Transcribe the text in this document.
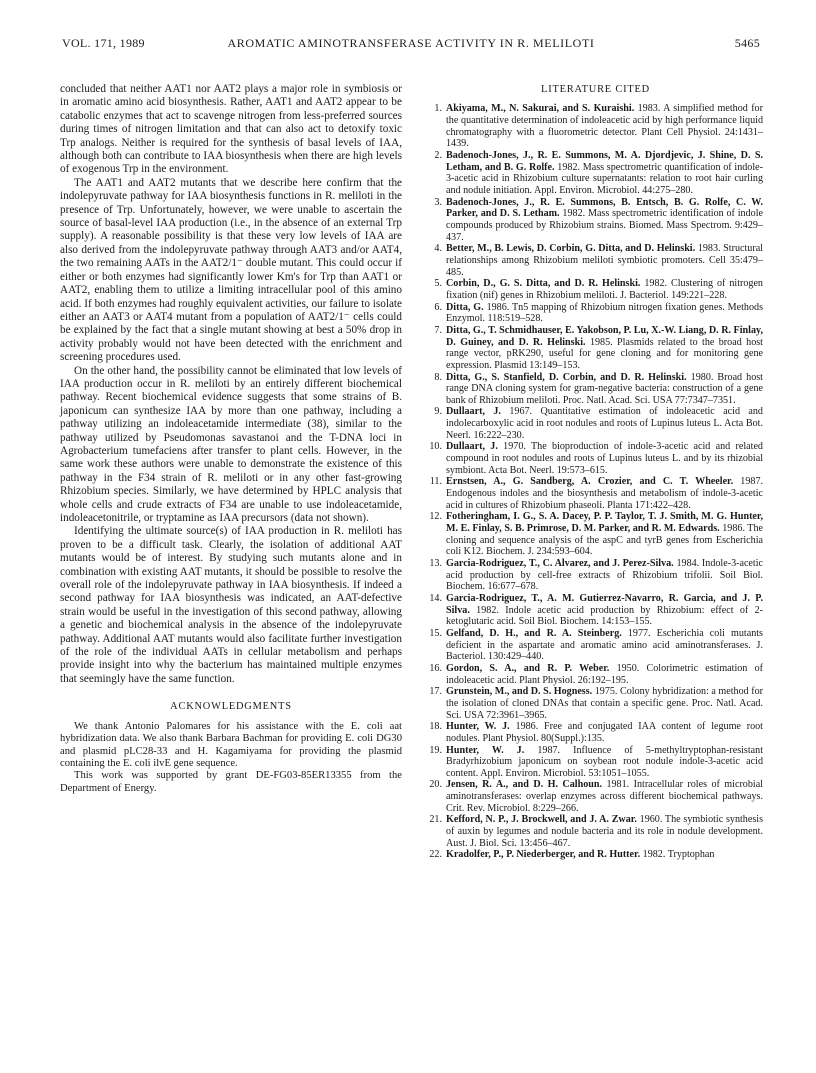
VOL. 171, 1989	AROMATIC AMINOTRANSFERASE ACTIVITY IN R. MELILOTI	5465

concluded that neither AAT1 nor AAT2 plays a major role in symbiosis or in aromatic amino acid biosynthesis. Rather, AAT1 and AAT2 appear to be catabolic enzymes that act to scavenge nitrogen from less-preferred sources during times of nitrogen limitation and that can also act to detoxify toxic Trp analogs. Neither is required for the synthesis of basal levels of IAA, although both can contribute to IAA biosynthesis when there are high levels of exogenous Trp in the environment.

The AAT1 and AAT2 mutants that we describe here confirm that the indolepyruvate pathway for IAA biosynthesis functions in R. meliloti in the presence of Trp. Unfortunately, however, we were unable to ascertain the source of basal-level IAA production (i.e., in the absence of an external Trp supply). A reasonable possibility is that these very low levels of IAA are also derived from the indolepyruvate pathway through AAT3 and/or AAT4, the two remaining AATs in the AAT2/1⁻ double mutant. This could occur if either or both enzymes had significantly lower Km's for Trp than AAT1 or AAT2, enabling them to utilize a limiting intracellular pool of this amino acid. If both enzymes had roughly equivalent activities, our failure to isolate either an AAT3 or AAT4 mutant from a population of AAT2/1⁻ cells could be explained by the fact that a single mutant showing at best a 50% drop in activity probably would not have been detected with the enrichment and screening procedures used.

On the other hand, the possibility cannot be eliminated that low levels of IAA production occur in R. meliloti by an entirely different biochemical pathway. Recent biochemical evidence suggests that some strains of B. japonicum can synthesize IAA by more than one pathway, including a pathway utilizing an indoleacetamide intermediate (38), similar to the pathway utilized by Pseudomonas savastanoi and the T-DNA loci in Agrobacterium tumefaciens after transfer to plant cells. However, in the same work these authors were unable to demonstrate the existence of this pathway in the F34 strain of R. meliloti or in any other fast-growing Rhizobium species. Similarly, we have determined by HPLC analysis that whole cells and crude extracts of F34 are unable to use indoleacetamide, indoleacetonitrile, or tryptamine as IAA precursors (data not shown).

Identifying the ultimate source(s) of IAA production in R. meliloti has proven to be a difficult task. Clearly, the isolation of additional AAT mutants would be of interest. By studying such mutants alone and in combination with existing AAT mutants, it should be possible to resolve the overall role of the indolepyruvate pathway in IAA biosynthesis. If indeed a second pathway for IAA biosynthesis was indicated, an AAT-defective strain would be useful in the investigation of this second pathway, allowing a genetic and biochemical analysis in the absence of the indolepyruvate pathway. Additional AAT mutants would also facilitate further investigation of the role of the individual AATs in cellular metabolism and perhaps provide insight into why the bacterium has maintained multiple enzymes that seemingly have the same function.

ACKNOWLEDGMENTS

We thank Antonio Palomares for his assistance with the E. coli aat hybridization data. We also thank Barbara Bachman for providing E. coli DG30 and plasmid pLC28-33 and H. Kagamiyama for providing the plasmid containing the E. coli ilvE gene sequence.

This work was supported by grant DE-FG03-85ER13355 from the Department of Energy.

LITERATURE CITED
1. Akiyama, M., N. Sakurai, and S. Kuraishi. 1983. A simplified method for the quantitative determination of indoleacetic acid by high performance liquid chromatography with a fluorometric detector. Plant Cell Physiol. 24:1431–1439.
2. Badenoch-Jones, J., R. E. Summons, M. A. Djordjevic, J. Shine, D. S. Letham, and B. G. Rolfe. 1982. Mass spectrometric quantification of indole-3-acetic acid in Rhizobium culture supernatants: relation to root hair curling and nodule initiation. Appl. Environ. Microbiol. 44:275–280.
3. Badenoch-Jones, J., R. E. Summons, B. Entsch, B. G. Rolfe, C. W. Parker, and D. S. Letham. 1982. Mass spectrometric identification of indole compounds produced by Rhizobium strains. Biomed. Mass Spectrom. 9:429–437.
4. Better, M., B. Lewis, D. Corbin, G. Ditta, and D. Helinski. 1983. Structural relationships among Rhizobium meliloti symbiotic promoters. Cell 35:479–485.
5. Corbin, D., G. S. Ditta, and D. R. Helinski. 1982. Clustering of nitrogen fixation (nif) genes in Rhizobium meliloti. J. Bacteriol. 149:221–228.
6. Ditta, G. 1986. Tn5 mapping of Rhizobium nitrogen fixation genes. Methods Enzymol. 118:519–528.
7. Ditta, G., T. Schmidhauser, E. Yakobson, P. Lu, X.-W. Liang, D. R. Finlay, D. Guiney, and D. R. Helinski. 1985. Plasmids related to the broad host range vector, pRK290, useful for gene cloning and for monitoring gene expression. Plasmid 13:149–153.
8. Ditta, G., S. Stanfield, D. Corbin, and D. R. Helinski. 1980. Broad host range DNA cloning system for gram-negative bacteria: construction of a gene bank of Rhizobium meliloti. Proc. Natl. Acad. Sci. USA 77:7347–7351.
9. Dullaart, J. 1967. Quantitative estimation of indoleacetic acid and indolecarboxylic acid in root nodules and roots of Lupinus luteus L. Acta Bot. Neerl. 16:222–230.
10. Dullaart, J. 1970. The bioproduction of indole-3-acetic acid and related compound in root nodules and roots of Lupinus luteus L. and by its rhizobial symbiont. Acta Bot. Neerl. 19:573–615.
11. Ernstsen, A., G. Sandberg, A. Crozier, and C. T. Wheeler. 1987. Endogenous indoles and the biosynthesis and metabolism of indole-3-acetic acid in cultures of Rhizobium phaseoli. Planta 171:422–428.
12. Fotheringham, I. G., S. A. Dacey, P. P. Taylor, T. J. Smith, M. G. Hunter, M. E. Finlay, S. B. Primrose, D. M. Parker, and R. M. Edwards. 1986. The cloning and sequence analysis of the aspC and tyrB genes from Escherichia coli K12. Biochem. J. 234:593–604.
13. Garcia-Rodriguez, T., C. Alvarez, and J. Perez-Silva. 1984. Indole-3-acetic acid production by cell-free extracts of Rhizobium trifolii. Soil Biol. Biochem. 16:677–678.
14. Garcia-Rodriguez, T., A. M. Gutierrez-Navarro, R. Garcia, and J. P. Silva. 1982. Indole acetic acid production by Rhizobium: effect of 2-ketoglutaric acid. Soil Biol. Biochem. 14:153–155.
15. Gelfand, D. H., and R. A. Steinberg. 1977. Escherichia coli mutants deficient in the aspartate and aromatic amino acid aminotransferases. J. Bacteriol. 130:429–440.
16. Gordon, S. A., and R. P. Weber. 1950. Colorimetric estimation of indoleacetic acid. Plant Physiol. 26:192–195.
17. Grunstein, M., and D. S. Hogness. 1975. Colony hybridization: a method for the isolation of cloned DNAs that contain a specific gene. Proc. Natl. Acad. Sci. USA 72:3961–3965.
18. Hunter, W. J. 1986. Free and conjugated IAA content of legume root nodules. Plant Physiol. 80(Suppl.):135.
19. Hunter, W. J. 1987. Influence of 5-methyltryptophan-resistant Bradyrhizobium japonicum on soybean root nodule indole-3-acetic acid content. Appl. Environ. Microbiol. 53:1051–1055.
20. Jensen, R. A., and D. H. Calhoun. 1981. Intracellular roles of microbial aminotransferases: overlap enzymes across different biochemical pathways. Crit. Rev. Microbiol. 8:229–266.
21. Kefford, N. P., J. Brockwell, and J. A. Zwar. 1960. The symbiotic synthesis of auxin by legumes and nodule bacteria and its role in nodule development. Aust. J. Biol. Sci. 13:456–467.
22. Kradolfer, P., P. Niederberger, and R. Hutter. 1982. Tryptophan
